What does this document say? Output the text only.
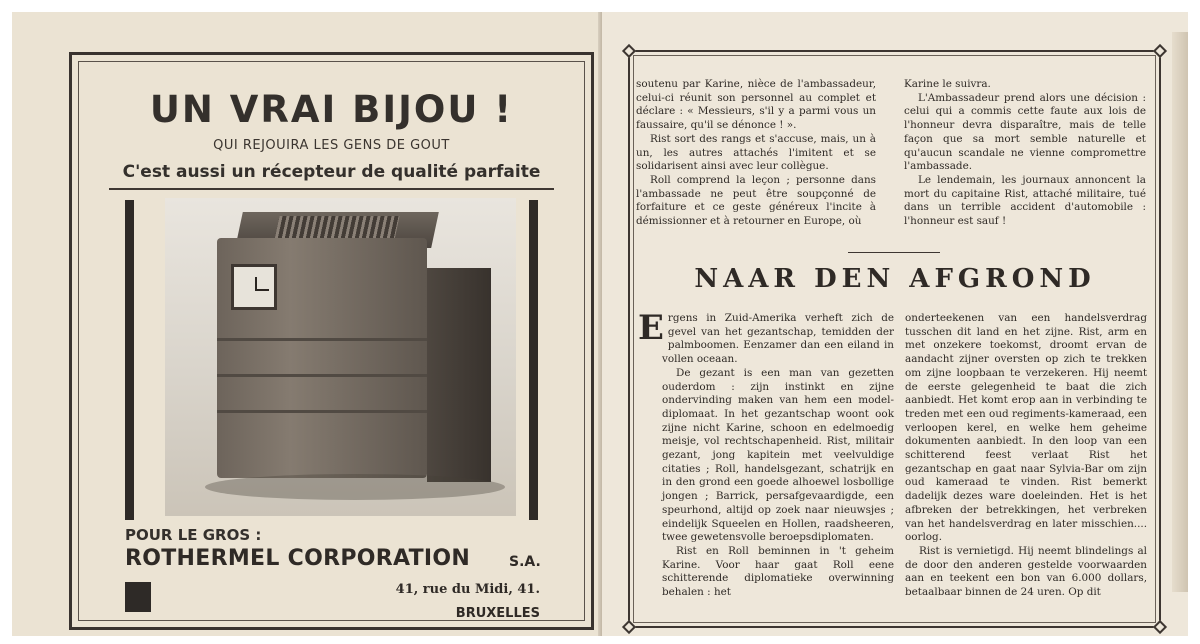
UN VRAI BIJOU !
QUI REJOUIRA LES GENS DE GOUT
C'est aussi un récepteur de qualité parfaite
POUR LE GROS :
ROTHERMEL CORPORATION	S.A.
41, rue du Midi, 41.
BRUXELLES

soutenu par Karine, nièce de l'ambassadeur, celui-ci réunit son personnel au complet et déclare : « Messieurs, s'il y a parmi vous un faussaire, qu'il se dénonce ! ».

Rist sort des rangs et s'accuse, mais, un à un, les autres attachés l'imitent et se solidarisent ainsi avec leur collègue.

Roll comprend la leçon ; personne dans l'ambassade ne peut être soupçonné de forfaiture et ce geste généreux l'incite à démissionner et à retourner en Europe, où

Karine le suivra.

L'Ambassadeur prend alors une décision : celui qui a commis cette faute aux lois de l'honneur devra disparaître, mais de telle façon que sa mort semble naturelle et qu'aucun scandale ne vienne compromettre l'ambassade.

Le lendemain, les journaux annoncent la mort du capitaine Rist, attaché militaire, tué dans un terrible accident d'automobile : l'honneur est sauf !

NAAR DEN AFGROND

Ergens in Zuid-Amerika verheft zich de gevel van het gezantschap, temidden der palmboomen. Eenzamer dan een eiland in vollen oceaan.

De gezant is een man van gezetten ouderdom : zijn instinkt en zijne ondervinding maken van hem een model-diplomaat. In het gezantschap woont ook zijne nicht Karine, schoon en edelmoedig meisje, vol rechtschapenheid. Rist, militair gezant, jong kapitein met veelvuldige citaties ; Roll, handelsgezant, schatrijk en in den grond een goede alhoewel losbollige jongen ; Barrick, persafgevaardigde, een speurhond, altijd op zoek naar nieuwsjes ; eindelijk Squeelen en Hollen, raadsheeren, twee gewetensvolle beroepsdiplomaten.

Rist en Roll beminnen in 't geheim Karine. Voor haar gaat Roll eene schitterende diplomatieke overwinning behalen : het

onderteekenen van een handelsverdrag tusschen dit land en het zijne. Rist, arm en met onzekere toekomst, droomt ervan de aandacht zijner oversten op zich te trekken om zijne loopbaan te verzekeren. Hij neemt de eerste gelegenheid te baat die zich aanbiedt. Het komt erop aan in verbinding te treden met een oud regiments-kameraad, een verloopen kerel, en welke hem geheime dokumenten aanbiedt. In den loop van een schitterend feest verlaat Rist het gezantschap en gaat naar Sylvia-Bar om zijn oud kameraad te vinden. Rist bemerkt dadelijk dezes ware doeleinden. Het is het afbreken der betrekkingen, het verbreken van het handelsverdrag en later misschien.... oorlog.

Rist is vernietigd. Hij neemt blindelings al de door den anderen gestelde voorwaarden aan en teekent een bon van 6.000 dollars, betaalbaar binnen de 24 uren. Op dit
